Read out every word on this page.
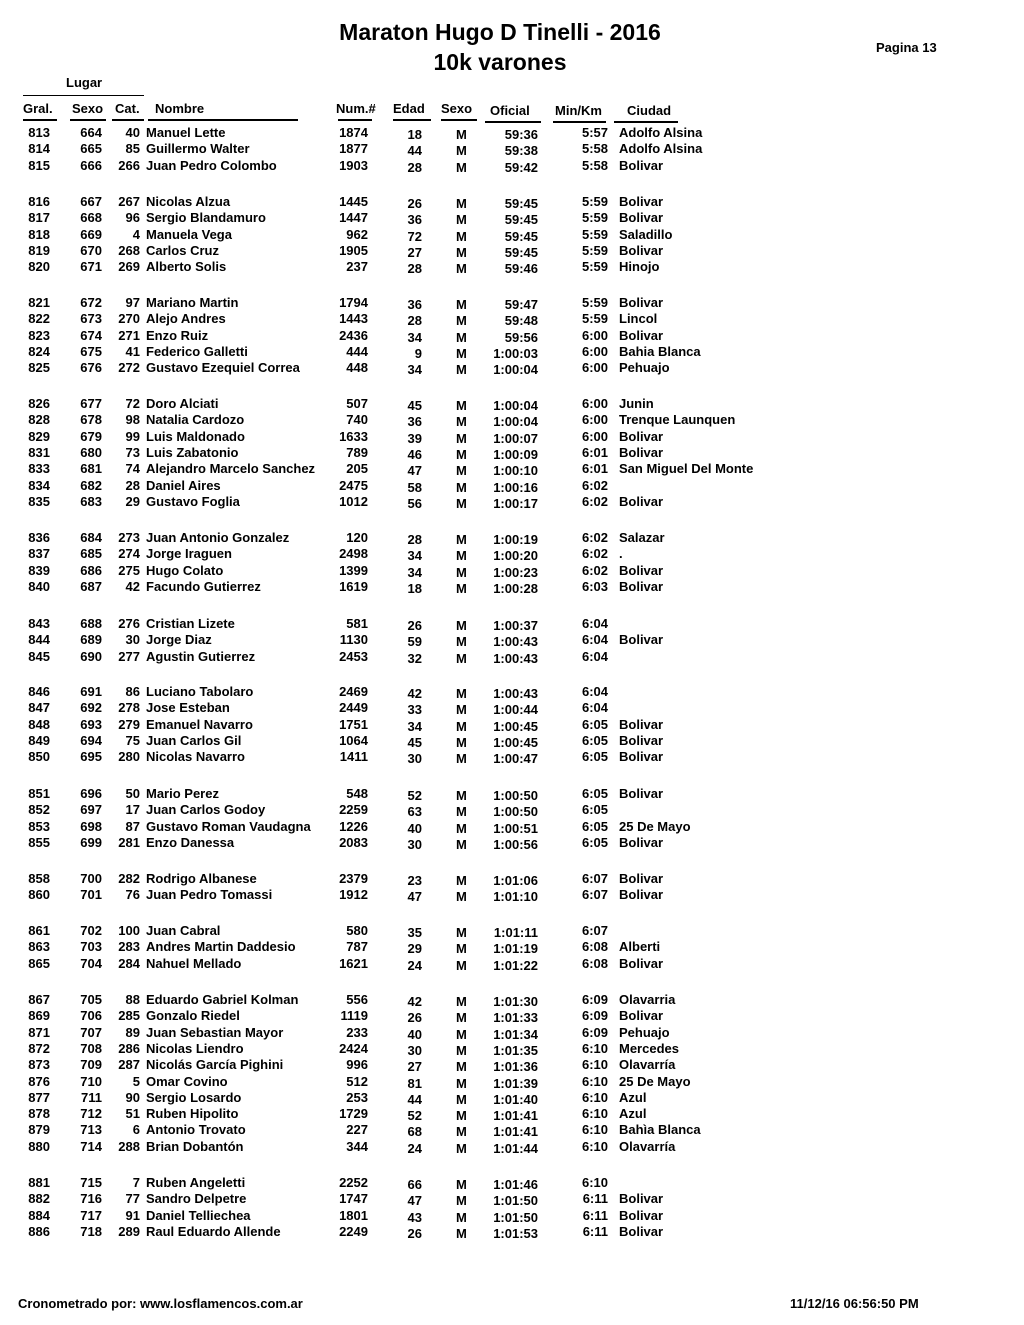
Maraton Hugo D Tinelli - 2016
10k varones
Pagina 13
Lugar
Gral. Sexo Cat. Nombre	Num.# Edad Sexo Oficial Min/Km Ciudad
813	664	40 Manuel Lette	1874	18	M	59:36	5:57 Adolfo Alsina
814	665	85 Guillermo Walter	1877	44	M	59:38	5:58 Adolfo Alsina
815	666	266 Juan Pedro Colombo	1903	28	M	59:42	5:58 Bolivar
816	667	267 Nicolas Alzua	1445	26	M	59:45	5:59 Bolivar
817	668	96 Sergio Blandamuro	1447	36	M	59:45	5:59 Bolivar
818	669	4 Manuela Vega	962	72	M	59:45	5:59 Saladillo
819	670	268 Carlos Cruz	1905	27	M	59:45	5:59 Bolivar
820	671	269 Alberto Solis	237	28	M	59:46	5:59 Hinojo
821	672	97 Mariano Martin	1794	36	M	59:47	5:59 Bolivar
822	673	270 Alejo Andres	1443	28	M	59:48	5:59 Lincol
823	674	271 Enzo Ruiz	2436	34	M	59:56	6:00 Bolivar
824	675	41 Federico Galletti	444	9	M	1:00:03	6:00 Bahia Blanca
825	676	272 Gustavo Ezequiel Correa	448	34	M	1:00:04	6:00 Pehuajo
826	677	72 Doro Alciati	507	45	M	1:00:04	6:00 Junin
828	678	98 Natalia Cardozo	740	36	M	1:00:04	6:00 Trenque Launquen
829	679	99 Luis Maldonado	1633	39	M	1:00:07	6:00 Bolivar
831	680	73 Luis Zabatonio	789	46	M	1:00:09	6:01 Bolivar
833	681	74 Alejandro Marcelo Sanchez	205	47	M	1:00:10	6:01 San Miguel Del Monte
834	682	28 Daniel Aires	2475	58	M	1:00:16	6:02
835	683	29 Gustavo Foglia	1012	56	M	1:00:17	6:02 Bolivar
836	684	273 Juan Antonio Gonzalez	120	28	M	1:00:19	6:02 Salazar
837	685	274 Jorge Iraguen	2498	34	M	1:00:20	6:02 .
839	686	275 Hugo Colato	1399	34	M	1:00:23	6:02 Bolivar
840	687	42 Facundo Gutierrez	1619	18	M	1:00:28	6:03 Bolivar
843	688	276 Cristian Lizete	581	26	M	1:00:37	6:04
844	689	30 Jorge Diaz	1130	59	M	1:00:43	6:04 Bolivar
845	690	277 Agustin Gutierrez	2453	32	M	1:00:43	6:04
846	691	86 Luciano Tabolaro	2469	42	M	1:00:43	6:04
847	692	278 Jose Esteban	2449	33	M	1:00:44	6:04
848	693	279 Emanuel Navarro	1751	34	M	1:00:45	6:05 Bolivar
849	694	75 Juan Carlos Gil	1064	45	M	1:00:45	6:05 Bolivar
850	695	280 Nicolas Navarro	1411	30	M	1:00:47	6:05 Bolivar
851	696	50 Mario Perez	548	52	M	1:00:50	6:05 Bolivar
852	697	17 Juan Carlos Godoy	2259	63	M	1:00:50	6:05
853	698	87 Gustavo Roman Vaudagna	1226	40	M	1:00:51	6:05 25 De Mayo
855	699	281 Enzo Danessa	2083	30	M	1:00:56	6:05 Bolivar
858	700	282 Rodrigo Albanese	2379	23	M	1:01:06	6:07 Bolivar
860	701	76 Juan Pedro Tomassi	1912	47	M	1:01:10	6:07 Bolivar
861	702	100 Juan Cabral	580	35	M	1:01:11	6:07
863	703	283 Andres Martin Daddesio	787	29	M	1:01:19	6:08 Alberti
865	704	284 Nahuel Mellado	1621	24	M	1:01:22	6:08 Bolivar
867	705	88 Eduardo Gabriel Kolman	556	42	M	1:01:30	6:09 Olavarria
869	706	285 Gonzalo Riedel	1119	26	M	1:01:33	6:09 Bolivar
871	707	89 Juan Sebastian Mayor	233	40	M	1:01:34	6:09 Pehuajo
872	708	286 Nicolas Liendro	2424	30	M	1:01:35	6:10 Mercedes
873	709	287 Nicolás García Pighini	996	27	M	1:01:36	6:10 Olavarría
876	710	5 Omar Covino	512	81	M	1:01:39	6:10 25 De Mayo
877	711	90 Sergio Losardo	253	44	M	1:01:40	6:10 Azul
878	712	51 Ruben Hipolito	1729	52	M	1:01:41	6:10 Azul
879	713	6 Antonio Trovato	227	68	M	1:01:41	6:10 Bahìa Blanca
880	714	288 Brian Dobantón	344	24	M	1:01:44	6:10 Olavarría
881	715	7 Ruben Angeletti	2252	66	M	1:01:46	6:10
882	716	77 Sandro Delpetre	1747	47	M	1:01:50	6:11 Bolivar
884	717	91 Daniel Telliechea	1801	43	M	1:01:50	6:11 Bolivar
886	718	289 Raul Eduardo Allende	2249	26	M	1:01:53	6:11 Bolivar
Cronometrado por: www.losflamencos.com.ar	11/12/16 06:56:50 PM
